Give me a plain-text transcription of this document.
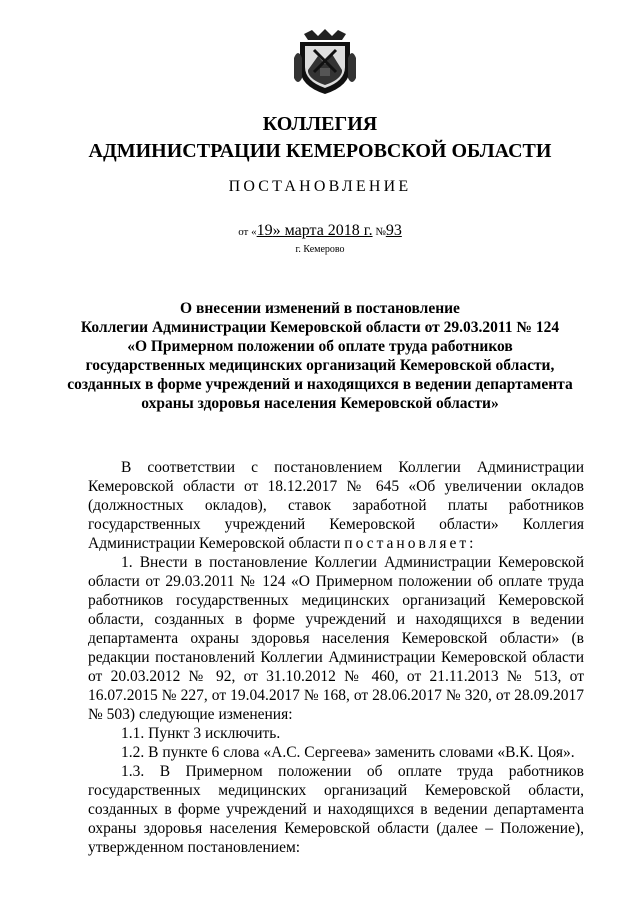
КОЛЛЕГИЯ
АДМИНИСТРАЦИИ КЕМЕРОВСКОЙ ОБЛАСТИ
ПОСТАНОВЛЕНИЕ
от «19» марта 2018 г. №93
г. Кемерово
О внесении изменений в постановление
Коллегии Администрации Кемеровской области от 29.03.2011 № 124
«О Примерном положении об оплате труда работников
государственных медицинских организаций Кемеровской области,
созданных в форме учреждений и находящихся в ведении департамента
охраны здоровья населения Кемеровской области»

В соответствии с постановлением Коллегии Администрации Кемеровской области от 18.12.2017 № 645 «Об увеличении окладов (должностных окладов), ставок заработной платы работников государственных учреждений Кемеровской области» Коллегия Администрации Кемеровской области постановляет:

1. Внести в постановление Коллегии Администрации Кемеровской области от 29.03.2011 № 124 «О Примерном положении об оплате труда работников государственных медицинских организаций Кемеровской области, созданных в форме учреждений и находящихся в ведении департамента охраны здоровья населения Кемеровской области» (в редакции постановлений Коллегии Администрации Кемеровской области от 20.03.2012 № 92, от 31.10.2012 № 460, от 21.11.2013 № 513, от 16.07.2015 № 227, от 19.04.2017 № 168, от 28.06.2017 № 320, от 28.09.2017 № 503) следующие изменения:

1.1. Пункт 3 исключить.

1.2. В пункте 6 слова «А.С. Сергеева» заменить словами «В.К. Цоя».

1.3. В Примерном положении об оплате труда работников государственных медицинских организаций Кемеровской области, созданных в форме учреждений и находящихся в ведении департамента охраны здоровья населения Кемеровской области (далее – Положение), утвержденном постановлением:
